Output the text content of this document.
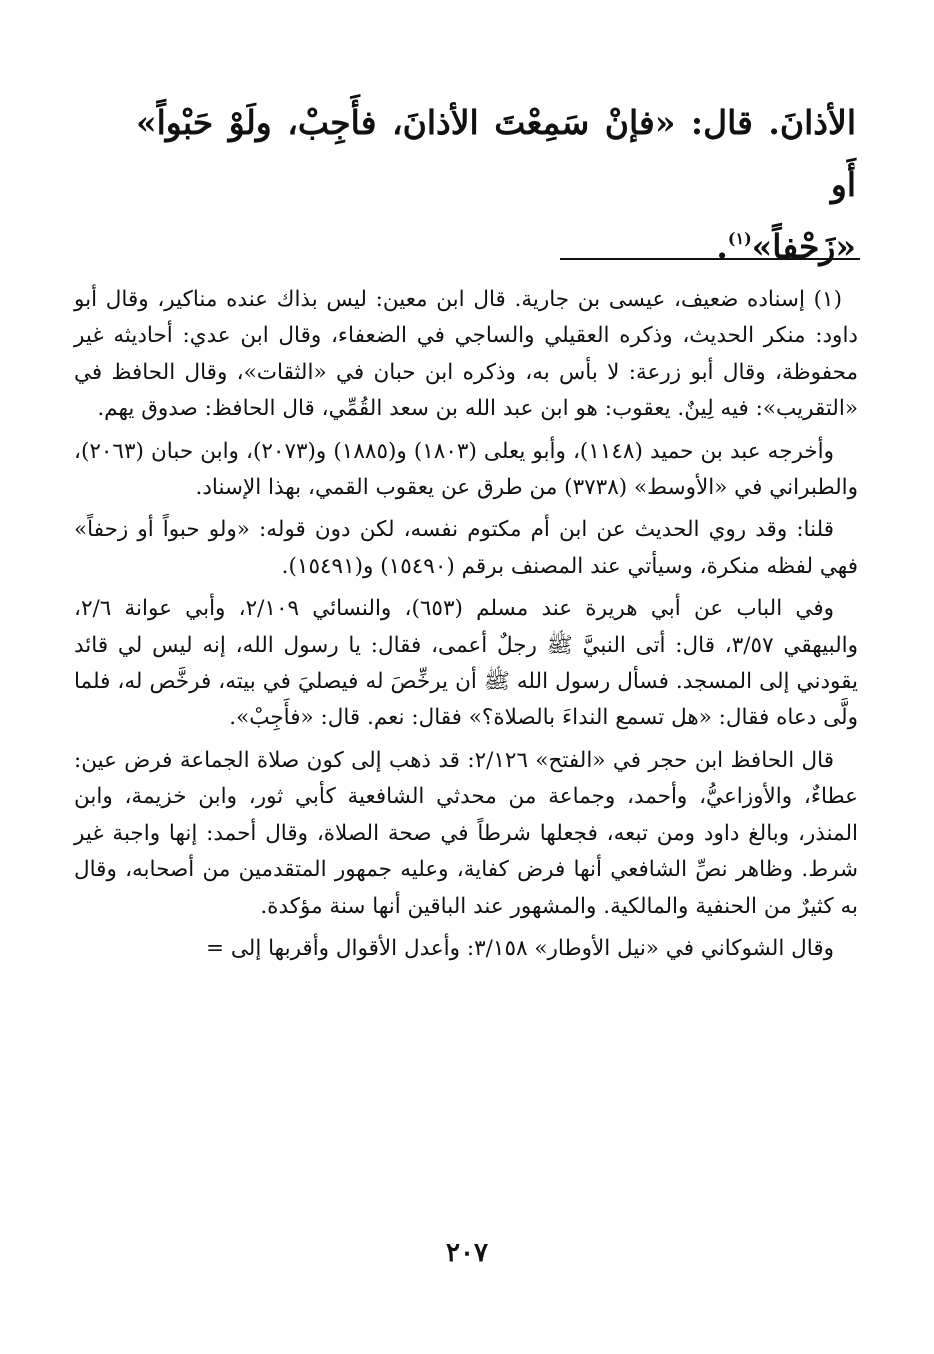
الأذانَ. قال: «فإنْ سَمِعْتَ الأذانَ، فأَجِبْ، ولَوْ حَبْواً» أَو
«زَحْفاً»$^{(١)}$.

(١) إسناده ضعيف، عيسى بن جارية. قال ابن معين: ليس بذاك عنده مناكير، وقال أبو داود: منكر الحديث، وذكره العقيلي والساجي في الضعفاء، وقال ابن عدي: أحاديثه غير محفوظة، وقال أبو زرعة: لا بأس به، وذكره ابن حبان في «الثقات»، وقال الحافظ في «التقريب»: فيه لِينٌ. يعقوب: هو ابن عبد الله بن سعد القُمِّي، قال الحافظ: صدوق يهم.

وأخرجه عبد بن حميد (١١٤٨)، وأبو يعلى (١٨٠٣) و(١٨٨٥) و(٢٠٧٣)، وابن حبان (٢٠٦٣)، والطبراني في «الأوسط» (٣٧٣٨) من طرق عن يعقوب القمي، بهذا الإسناد.

قلنا: وقد روي الحديث عن ابن أم مكتوم نفسه، لكن دون قوله: «ولو حبواً أو زحفاً» فهي لفظه منكرة، وسيأتي عند المصنف برقم (١٥٤٩٠) و(١٥٤٩١).

وفي الباب عن أبي هريرة عند مسلم (٦٥٣)، والنسائي ٢/١٠٩، وأبي عوانة ٢/٦، والبيهقي ٣/٥٧، قال: أتى النبيَّ ﷺ رجلٌ أعمى، فقال: يا رسول الله، إنه ليس لي قائد يقودني إلى المسجد. فسأل رسول الله ﷺ أن يرخِّصَ له فيصليَ في بيته، فرخَّص له، فلما ولَّى دعاه فقال: «هل تسمع النداءَ بالصلاة؟» فقال: نعم. قال: «فأَجِبْ».

قال الحافظ ابن حجر في «الفتح» ٢/١٢٦: قد ذهب إلى كون صلاة الجماعة فرض عين: عطاءٌ، والأوزاعيُّ، وأحمد، وجماعة من محدثي الشافعية كأبي ثور، وابن خزيمة، وابن المنذر، وبالغ داود ومن تبعه، فجعلها شرطاً في صحة الصلاة، وقال أحمد: إنها واجبة غير شرط. وظاهر نصِّ الشافعي أنها فرض كفاية، وعليه جمهور المتقدمين من أصحابه، وقال به كثيرٌ من الحنفية والمالكية. والمشهور عند الباقين أنها سنة مؤكدة.

وقال الشوكاني في «نيل الأوطار» ٣/١٥٨: وأعدل الأقوال وأقربها إلى =

٢٠٧
